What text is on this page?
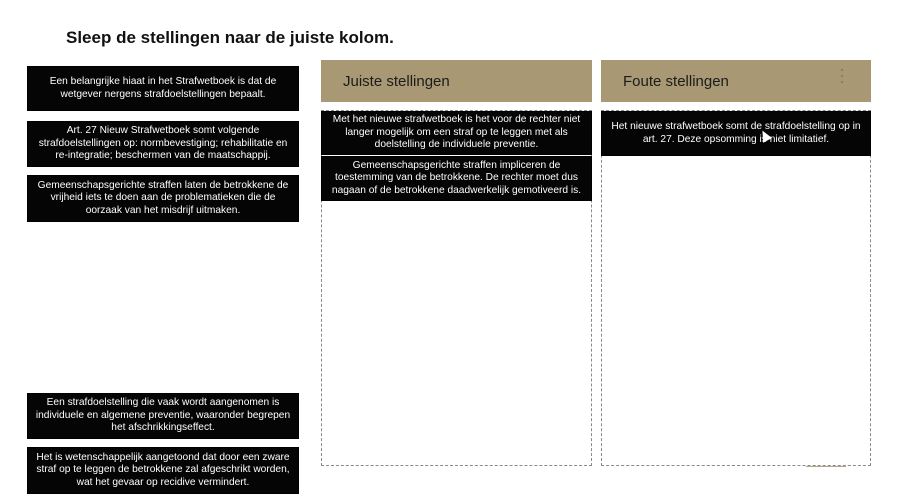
Sleep de stellingen naar de juiste kolom.
Een belangrijke hiaat in het Strafwetboek is dat de wetgever nergens strafdoelstellingen bepaalt.
Art. 27 Nieuw Strafwetboek somt volgende strafdoelstellingen op: normbevestiging; rehabilitatie en re-integratie; beschermen van de maatschappij.
Gemeenschapsgerichte straffen laten de betrokkene de vrijheid iets te doen aan de problematieken die de oorzaak van het misdrijf uitmaken.
Een strafdoelstelling die vaak wordt aangenomen is individuele en algemene preventie, waaronder begrepen het afschrikkingseffect.
Het is wetenschappelijk aangetoond dat door een zware straf op te leggen de betrokkene zal afgeschrikt worden, wat het gevaar op recidive vermindert.
Juiste stellingen
Met het nieuwe strafwetboek is het voor de rechter niet langer mogelijk om een straf op te leggen met als doelstelling de individuele preventie.
Gemeenschapsgerichte straffen impliceren de toestemming van de betrokkene. De rechter moet dus nagaan of de betrokkene daadwerkelijk gemotiveerd is.
Foute stellingen
Het nieuwe strafwetboek somt de strafdoelstelling op in art. 27. Deze opsomming is niet limitatief.
